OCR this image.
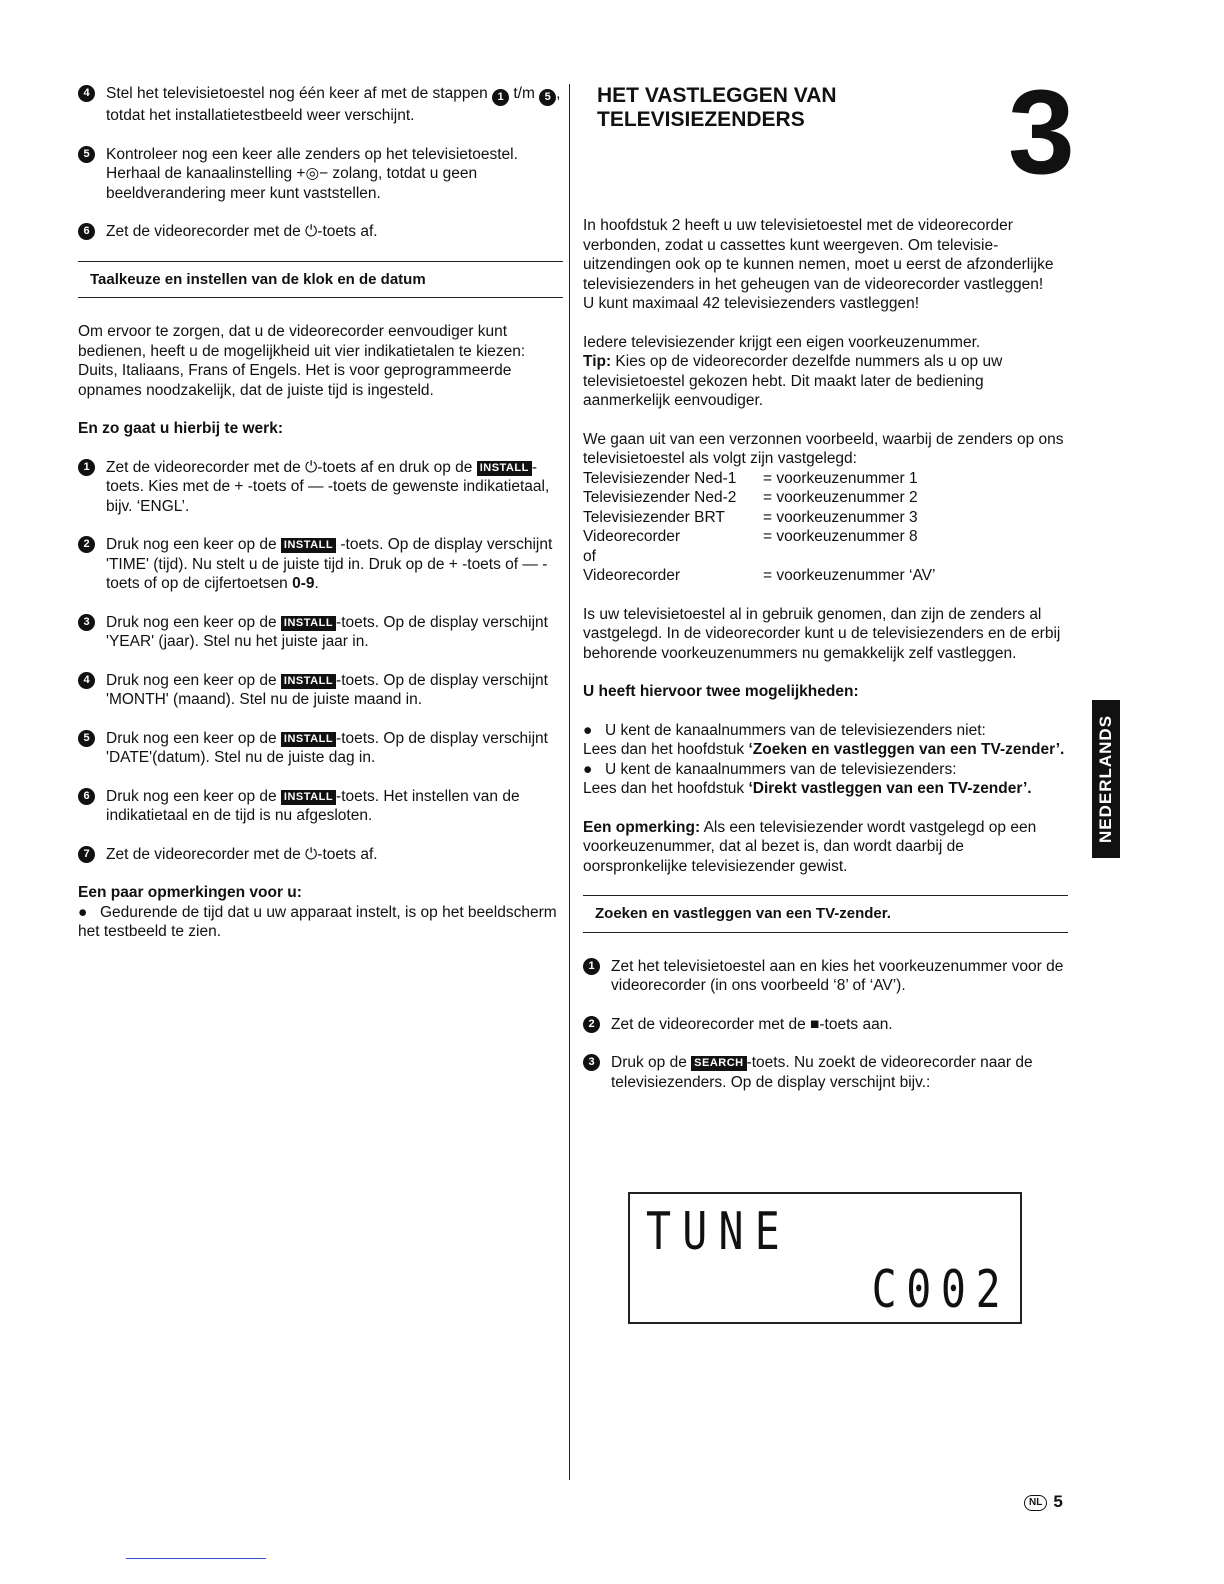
4	Stel het televisietoestel nog één keer af met de stappen 1 t/m 5 , totdat het installatietestbeeld weer verschijnt.
5	Kontroleer nog een keer alle zenders op het televisietoestel. Herhaal de kanaalinstelling +◎− zolang, totdat u geen beeldverandering meer kunt vaststellen.
6	Zet de videorecorder met de ⏻-toets af.
Taalkeuze en instellen van de klok en de datum

Om ervoor te zorgen, dat u de videorecorder eenvoudiger kunt bedienen, heeft u de mogelijkheid uit vier indikatietalen te kiezen: Duits, Italiaans, Frans of Engels. Het is voor geprogrammeerde opnames noodzakelijk, dat de juiste tijd is ingesteld.

En zo gaat u hierbij te werk:

1	Zet de videorecorder met de ⏻-toets af en druk op de INSTALL -toets. Kies met de + -toets of — -toets de gewenste indikatietaal, bijv. ‘ENGL’.
2	Druk nog een keer op de INSTALL -toets. Op de display verschijnt 'TIME' (tijd). Nu stelt u de juiste tijd in. Druk op de + -toets of — -toets of op de cijfertoetsen 0-9.
3	Druk nog een keer op de INSTALL -toets. Op de display verschijnt 'YEAR' (jaar). Stel nu het juiste jaar in.
4	Druk nog een keer op de INSTALL -toets. Op de display verschijnt 'MONTH' (maand). Stel nu de juiste maand in.
5	Druk nog een keer op de INSTALL -toets. Op de display verschijnt 'DATE'(datum). Stel nu de juiste dag in.
6	Druk nog een keer op de INSTALL -toets. Het instellen van de indikatietaal en de tijd is nu afgesloten.
7	Zet de videorecorder met de ⏻-toets af.
Een paar opmerkingen voor u:
● Gedurende de tijd dat u uw apparaat instelt, is op het beeldscherm het testbeeld te zien.
3
HET VASTLEGGEN VAN
TELEVISIEZENDERS

In hoofdstuk 2 heeft u uw televisietoestel met de videorecorder verbonden, zodat u cassettes kunt weergeven. Om televisie-uitzendingen ook op te kunnen nemen, moet u eerst de afzonderlijke televisiezenders in het geheugen van de videorecorder vastleggen!
U kunt maximaal 42 televisiezenders vastleggen!

Iedere televisiezender krijgt een eigen voorkeuzenummer.
Tip: Kies op de videorecorder dezelfde nummers als u op uw televisietoestel gekozen hebt. Dit maakt later de bediening aanmerkelijk eenvoudiger.

We gaan uit van een verzonnen voorbeeld, waarbij de zenders op ons televisietoestel als volgt zijn vastgelegd:
Televisiezender Ned-1	= voorkeuzenummer 1
Televisiezender Ned-2	= voorkeuzenummer 2
Televisiezender BRT	= voorkeuzenummer 3
Videorecorder	= voorkeuzenummer 8
of
Videorecorder	= voorkeuzenummer ‘AV’

Is uw televisietoestel al in gebruik genomen, dan zijn de zenders al vastgelegd. In de videorecorder kunt u de televisiezenders en de erbij behorende voorkeuzenummers nu gemakkelijk zelf vastleggen.

U heeft hiervoor twee mogelijkheden:

● U kent de kanaalnummers van de televisiezenders niet:
Lees dan het hoofdstuk ‘Zoeken en vastleggen van een TV-zender’.
● U kent de kanaalnummers van de televisiezenders:
Lees dan het hoofdstuk ‘Direkt vastleggen van een TV-zender’.

Een opmerking: Als een televisiezender wordt vastgelegd op een voorkeuzenummer, dat al bezet is, dan wordt daarbij de oorspronkelijke televisiezender gewist.

Zoeken en vastleggen van een TV-zender.
1	Zet het televisietoestel aan en kies het voorkeuzenummer voor de videorecorder (in ons voorbeeld ‘8’ of ‘AV’).
2	Zet de videorecorder met de ■-toets aan.
3	Druk op de SEARCH -toets. Nu zoekt de videorecorder naar de televisiezenders. Op de display verschijnt bijv.:
TUNE
C002
NEDERLANDS
NL 5
